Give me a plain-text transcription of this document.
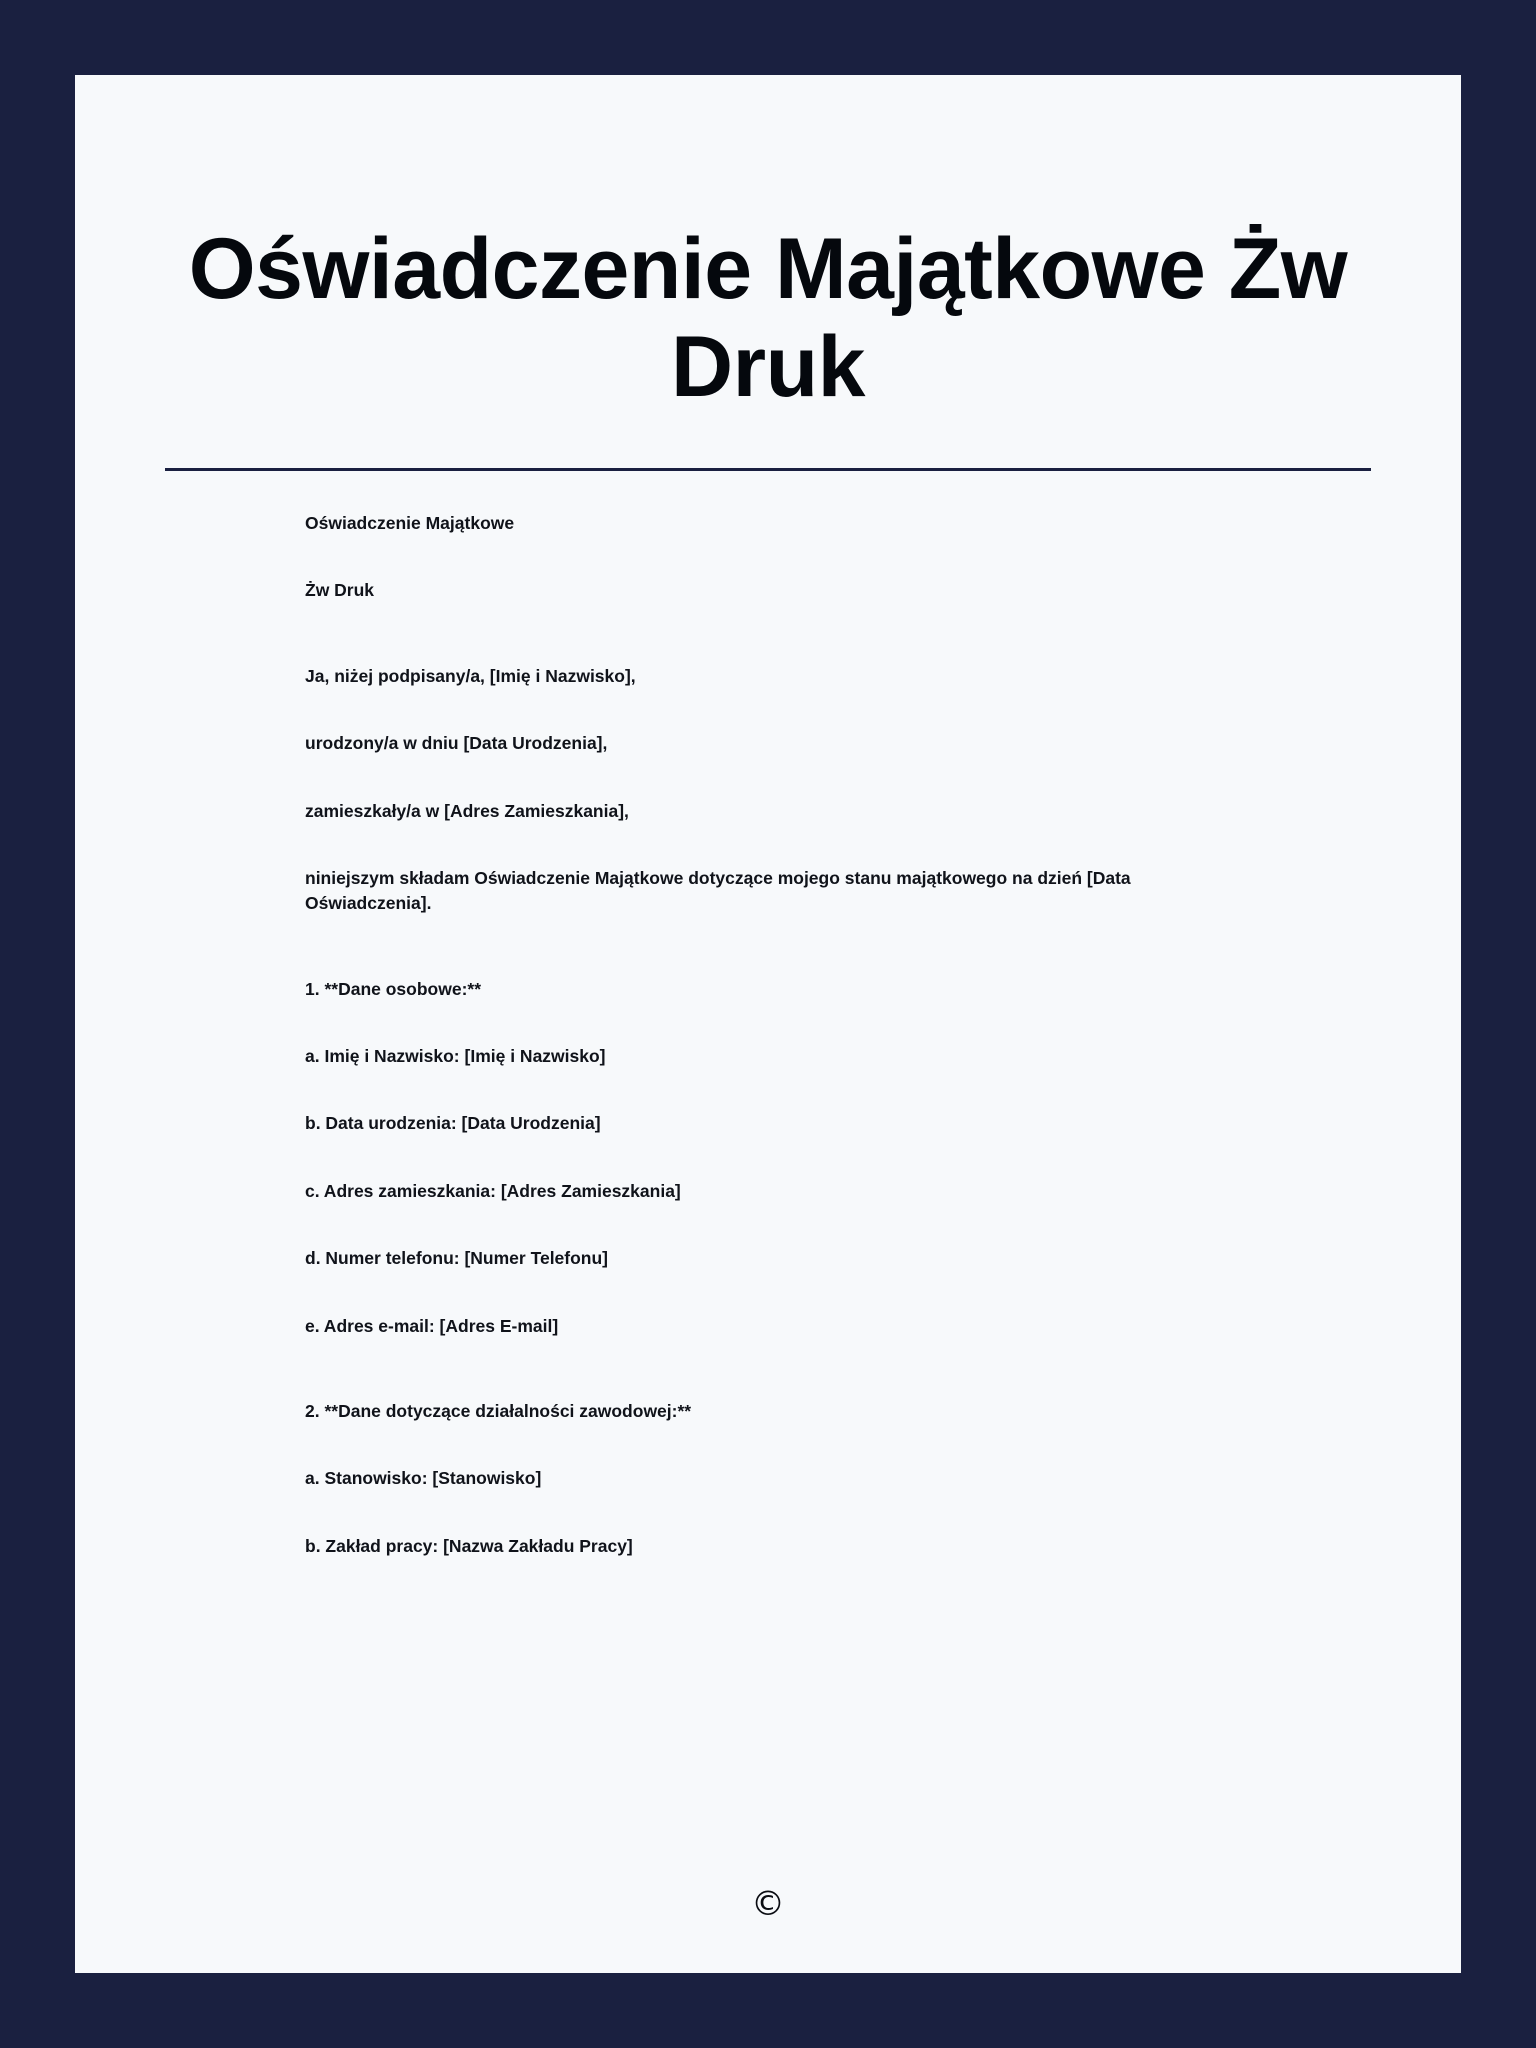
Oświadczenie Majątkowe Żw Druk

Oświadczenie Majątkowe

Żw Druk

Ja, niżej podpisany/a, [Imię i Nazwisko],

urodzony/a w dniu [Data Urodzenia],

zamieszkały/a w [Adres Zamieszkania],

niniejszym składam Oświadczenie Majątkowe dotyczące mojego stanu majątkowego na dzień [Data Oświadczenia].

1. **Dane osobowe:**

a. Imię i Nazwisko: [Imię i Nazwisko]

b. Data urodzenia: [Data Urodzenia]

c. Adres zamieszkania: [Adres Zamieszkania]

d. Numer telefonu: [Numer Telefonu]

e. Adres e-mail: [Adres E-mail]

2. **Dane dotyczące działalności zawodowej:**

a. Stanowisko: [Stanowisko]

b. Zakład pracy: [Nazwa Zakładu Pracy]

©
